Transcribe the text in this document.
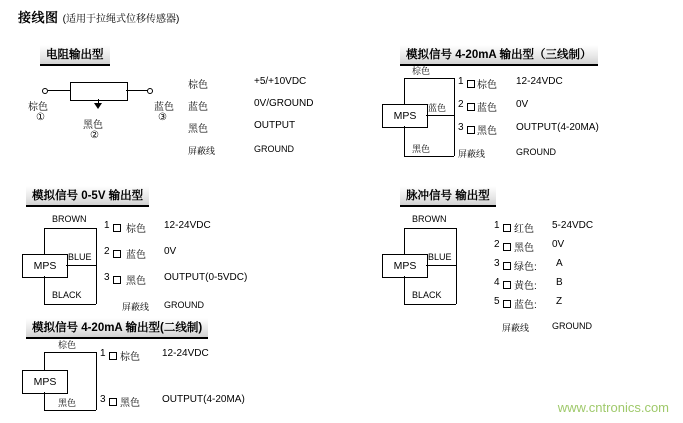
接线图 (适用于拉绳式位移传感器)
电阻输出型
棕色
①
蓝色
③
黑色
②
棕色	+5/+10VDC
蓝色	0V/GROUND
黑色	OUTPUT
屏蔽线	GROUND
模拟信号 4-20mA 输出型（三线制）
MPS
棕色
蓝色
黑色
1 棕色 12-24VDC
2 蓝色 0V
3 黑色 OUTPUT(4-20MA)
屏蔽线	GROUND
模拟信号 0-5V 输出型
MPS
BROWN
BLUE
BLACK
1 棕色 12-24VDC
2 蓝色 0V
3 黑色 OUTPUT(0-5VDC)
屏蔽线 GROUND
脉冲信号 输出型
MPS
BROWN
BLUE
BLACK
1 红色 5-24VDC
2 黑色 0V
3 绿色: A
4 黄色: B
5 蓝色: Z
屏蔽线	GROUND
模拟信号 4-20mA 输出型(二线制)
MPS
棕色
黑色
1 棕色 12-24VDC
3 黑色 OUTPUT(4-20MA)
www.cntronics.com
